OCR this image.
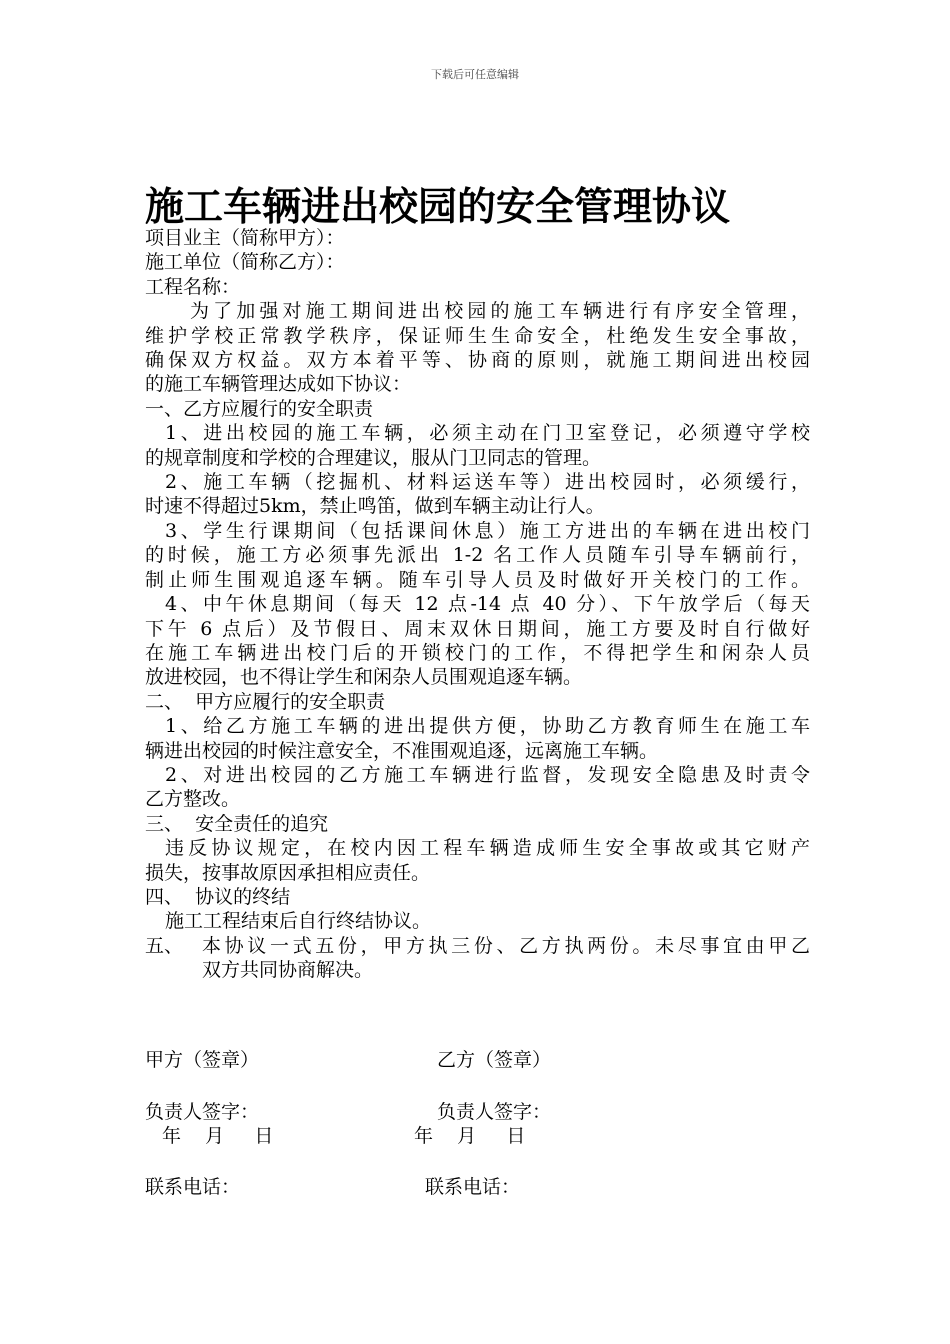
下载后可任意编辑
施工车辆进出校园的安全管理协议
项目业主（简称甲方）：
施工单位（简称乙方）：
工程名称：
为了加强对施工期间进出校园的施工车辆进行有序安全管理，
维护学校正常教学秩序，保证师生生命安全，杜绝发生安全事故，
确保双方权益。双方本着平等、协商的原则，就施工期间进出校园
的施工车辆管理达成如下协议：
一、乙方应履行的安全职责
1、进出校园的施工车辆，必须主动在门卫室登记，必须遵守学校
的规章制度和学校的合理建议，服从门卫同志的管理。
2、施工车辆（挖掘机、材料运送车等）进出校园时，必须缓行，
时速不得超过5km，禁止鸣笛，做到车辆主动让行人。
3、学生行课期间（包括课间休息）施工方进出的车辆在进出校门
的时候，施工方必须事先派出 1-2 名工作人员随车引导车辆前行，
制止师生围观追逐车辆。随车引导人员及时做好开关校门的工作。
4、中午休息期间（每天 12 点-14 点 40 分）、下午放学后（每天
下午 6 点后）及节假日、周末双休日期间，施工方要及时自行做好
在施工车辆进出校门后的开锁校门的工作，不得把学生和闲杂人员
放进校园，也不得让学生和闲杂人员围观追逐车辆。
二、  甲方应履行的安全职责
1、给乙方施工车辆的进出提供方便，协助乙方教育师生在施工车
辆进出校园的时候注意安全，不准围观追逐，远离施工车辆。
2、对进出校园的乙方施工车辆进行监督，发现安全隐患及时责令
乙方整改。
三、  安全责任的追究
违反协议规定，在校内因工程车辆造成师生安全事故或其它财产
损失，按事故原因承担相应责任。
四、  协议的终结
施工工程结束后自行终结协议。
五、 本协议一式五份，甲方执三份、乙方执两份。未尽事宜由甲乙
双方共同协商解决。
甲方（签章）	乙方（签章）
负责人签字：	负责人签字：
年    月     日	年    月     日
联系电话：	联系电话：
